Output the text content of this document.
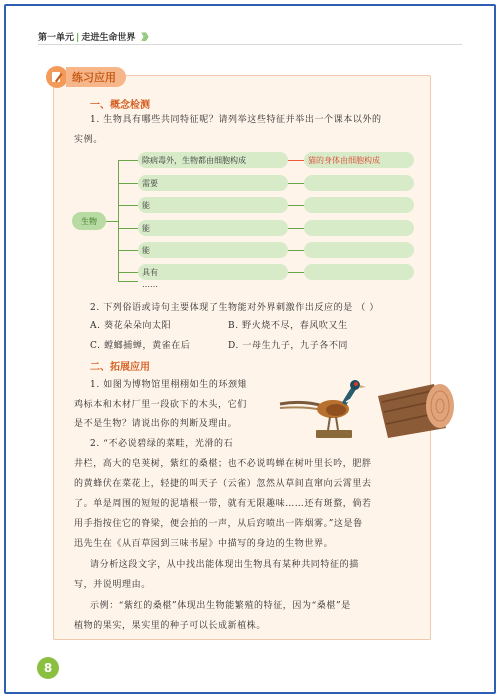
第一单元 | 走进生命世界 》》
练习应用
一、概念检测
1. 生物具有哪些共同特征呢？请列举这些特征并举出一个课本以外的
实例。
生物
除病毒外，生物都由细胞构成	猫的身体由细胞构成
需要
能
能
能
具有
……
2. 下列俗语或诗句主要体现了生物能对外界刺激作出反应的是 （ ）
A. 葵花朵朵向太阳	B. 野火烧不尽，春风吹又生
C. 螳螂捕蝉，黄雀在后	D. 一母生九子，九子各不同
二、拓展应用
1. 如图为博物馆里栩栩如生的环颈雉
鸡标本和木材厂里一段砍下的木头，它们
是不是生物？请说出你的判断及理由。
2. “不必说碧绿的菜畦，光滑的石
井栏，高大的皂荚树，紫红的桑椹；也不必说鸣蝉在树叶里长吟，肥胖
的黄蜂伏在菜花上，轻捷的叫天子（云雀）忽然从草间直窜向云霄里去
了。单是周围的短短的泥墙根一带，就有无限趣味……还有斑蝥，倘若
用手指按住它的脊梁，便会拍的一声，从后窍喷出一阵烟雾。”这是鲁
迅先生在《从百草园到三味书屋》中描写的身边的生物世界。
请分析这段文字，从中找出能体现出生物具有某种共同特征的描
写，并说明理由。
示例：“紫红的桑椹”体现出生物能繁殖的特征，因为“桑椹”是
植物的果实，果实里的种子可以长成新植株。
8
